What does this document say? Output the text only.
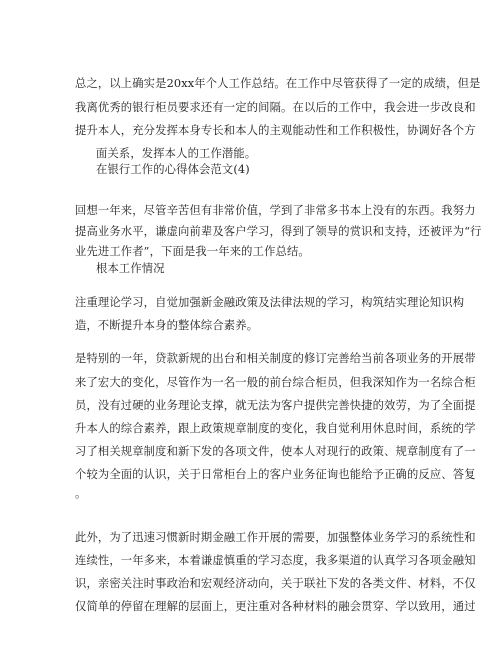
总之，以上确实是20xx年个人工作总结。在工作中尽管获得了一定的成绩，但是
我离优秀的银行柜员要求还有一定的间隔。在以后的工作中，我会进一步改良和
提升本人，充分发挥本身专长和本人的主观能动性和工作积极性，协调好各个方
面关系，发挥本人的工作潜能。
在银行工作的心得体会范文(4)
回想一年来，尽管辛苦但有非常价值，学到了非常多书本上没有的东西。我努力
提高业务水平，谦虚向前辈及客户学习，得到了领导的赏识和支持，还被评为“行
业先进工作者”，下面是我一年来的工作总结。
根本工作情况
注重理论学习，自觉加强新金融政策及法律法规的学习，构筑结实理论知识构
造，不断提升本身的整体综合素养。
是特别的一年，贷款新规的出台和相关制度的修订完善给当前各项业务的开展带
来了宏大的变化，尽管作为一名一般的前台综合柜员，但我深知作为一名综合柜
员，没有过硬的业务理论支撑，就无法为客户提供完善快捷的效劳，为了全面提
升本人的综合素养，跟上政策规章制度的变化，我自觉利用休息时间，系统的学
习了相关规章制度和新下发的各项文件，使本人对现行的政策、规章制度有了一
个较为全面的认识，关于日常柜台上的客户业务征询也能给予正确的反应、答复
。
此外，为了迅速习惯新时期金融工作开展的需要，加强整体业务学习的系统性和
连续性，一年多来，本着谦虚慎重的学习态度，我多渠道的认真学习各项金融知
识，亲密关注时事政治和宏观经济动向，关于联社下发的各类文件、材料，不仅
仅简单的停留在理解的层面上，更注重对各种材料的融会贯穿、学以致用，通过
